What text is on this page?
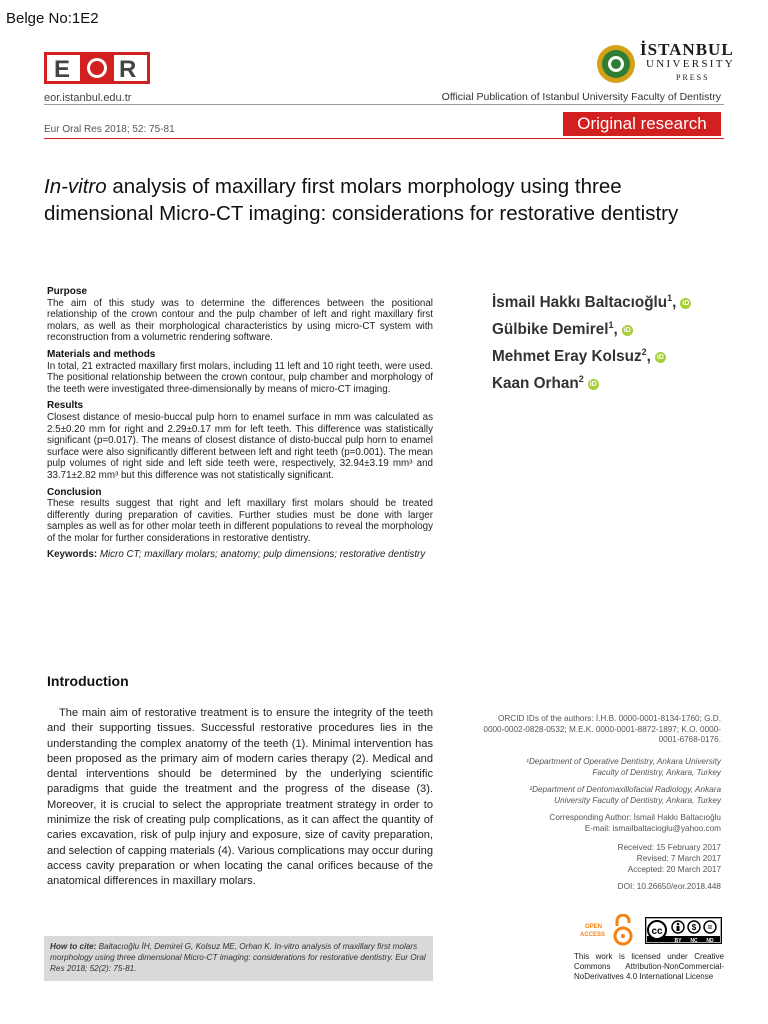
Belge No:1E2
E R
eor.istanbul.edu.tr
İSTANBUL
UNIVERSITY
PRESS
Official Publication of Istanbul University Faculty of Dentistry
Eur Oral Res 2018; 52: 75-81	Original research
In-vitro analysis of maxillary first molars morphology using three dimensional Micro-CT imaging: considerations for restorative dentistry
Purpose

The aim of this study was to determine the differences between the positional relationship of the crown contour and the pulp chamber of left and right maxillary first molars, as well as their morphological characteristics by using micro-CT system with reconstruction from a volumetric rendering software.

Materials and methods

In total, 21 extracted maxillary first molars, including 11 left and 10 right teeth, were used. The positional relationship between the crown contour, pulp chamber and morphology of the teeth were investigated three-dimensionally by means of micro-CT imaging.

Results

Closest distance of mesio-buccal pulp horn to enamel surface in mm was calculated as 2.5±0.20 mm for right and 2.29±0.17 mm for left teeth. This difference was statistically significant (p=0.017). The means of closest distance of disto-buccal pulp horn to enamel surface were also significantly different between left and right teeth (p=0.001). The mean pulp volumes of right side and left side teeth were, respectively, 32.94±3.19 mm³ and 33.71±2.82 mm³ but this difference was not statistically significant.

Conclusion

These results suggest that right and left maxillary first molars should be treated differently during preparation of cavities. Further studies must be done with larger samples as well as for other molar teeth in different populations to reveal the morphology of the molar for further considerations in restorative dentistry.

Keywords: Micro CT; maxillary molars; anatomy; pulp dimensions; restorative dentistry

İsmail Hakkı Baltacıoğlu$^1$, iD
Gülbike Demirel$^1$, iD
Mehmet Eray Kolsuz$^2$, iD
Kaan Orhan$^2$iD
Introduction
The main aim of restorative treatment is to ensure the integrity of the teeth and their supporting tissues. Successful restorative procedures lies in the understanding the complex anatomy of the teeth (1). Minimal intervention has been proposed as the primary aim of modern caries therapy (2). Medical and dental interventions should be determined by the underlying scientific paradigms that guide the treatment and the progress of the disease (3). Moreover, it is crucial to select the appropriate treatment strategy in order to minimize the risk of creating pulp complications, as it can affect the quantity of caries excavation, risk of pulp injury and exposure, size of cavity preparation, and selection of capping materials (4). Various complications may occur during access cavity preparation or when locating the canal orifices because of the anatomical differences in maxillary molars.
ORCID IDs of the authors: İ.H.B. 0000-0001-8134-1760; G.D. 0000-0002-0828-0532; M.E.K. 0000-0001-8872-1897; K.O. 0000-0001-6768-0176.
¹Department of Operative Dentistry, Ankara University Faculty of Dentistry, Ankara, Turkey
²Department of Dentomaxillofacial Radiology, Ankara University Faculty of Dentistry, Ankara, Turkey
Corresponding Author: İsmail Hakkı Baltacıoğlu
E-mail: ismailbaltacioglu@yahoo.com
Received: 15 February 2017
Revised: 7 March 2017
Accepted: 20 March 2017
DOI: 10.26650/eor.2018.448
How to cite: Baltacıoğlu İH, Demirel G, Kolsuz ME, Orhan K. In-vitro analysis of maxillary first molars morphology using three dimensional Micro-CT imaging: considerations for restorative dentistry. Eur Oral Res 2018; 52(2): 75-81.
OPEN
ACCESS	cc	$ =
BY NC ND
This work is licensed under Creative Commons Attribution-NonCommercial-NoDerivatives 4.0 International License
